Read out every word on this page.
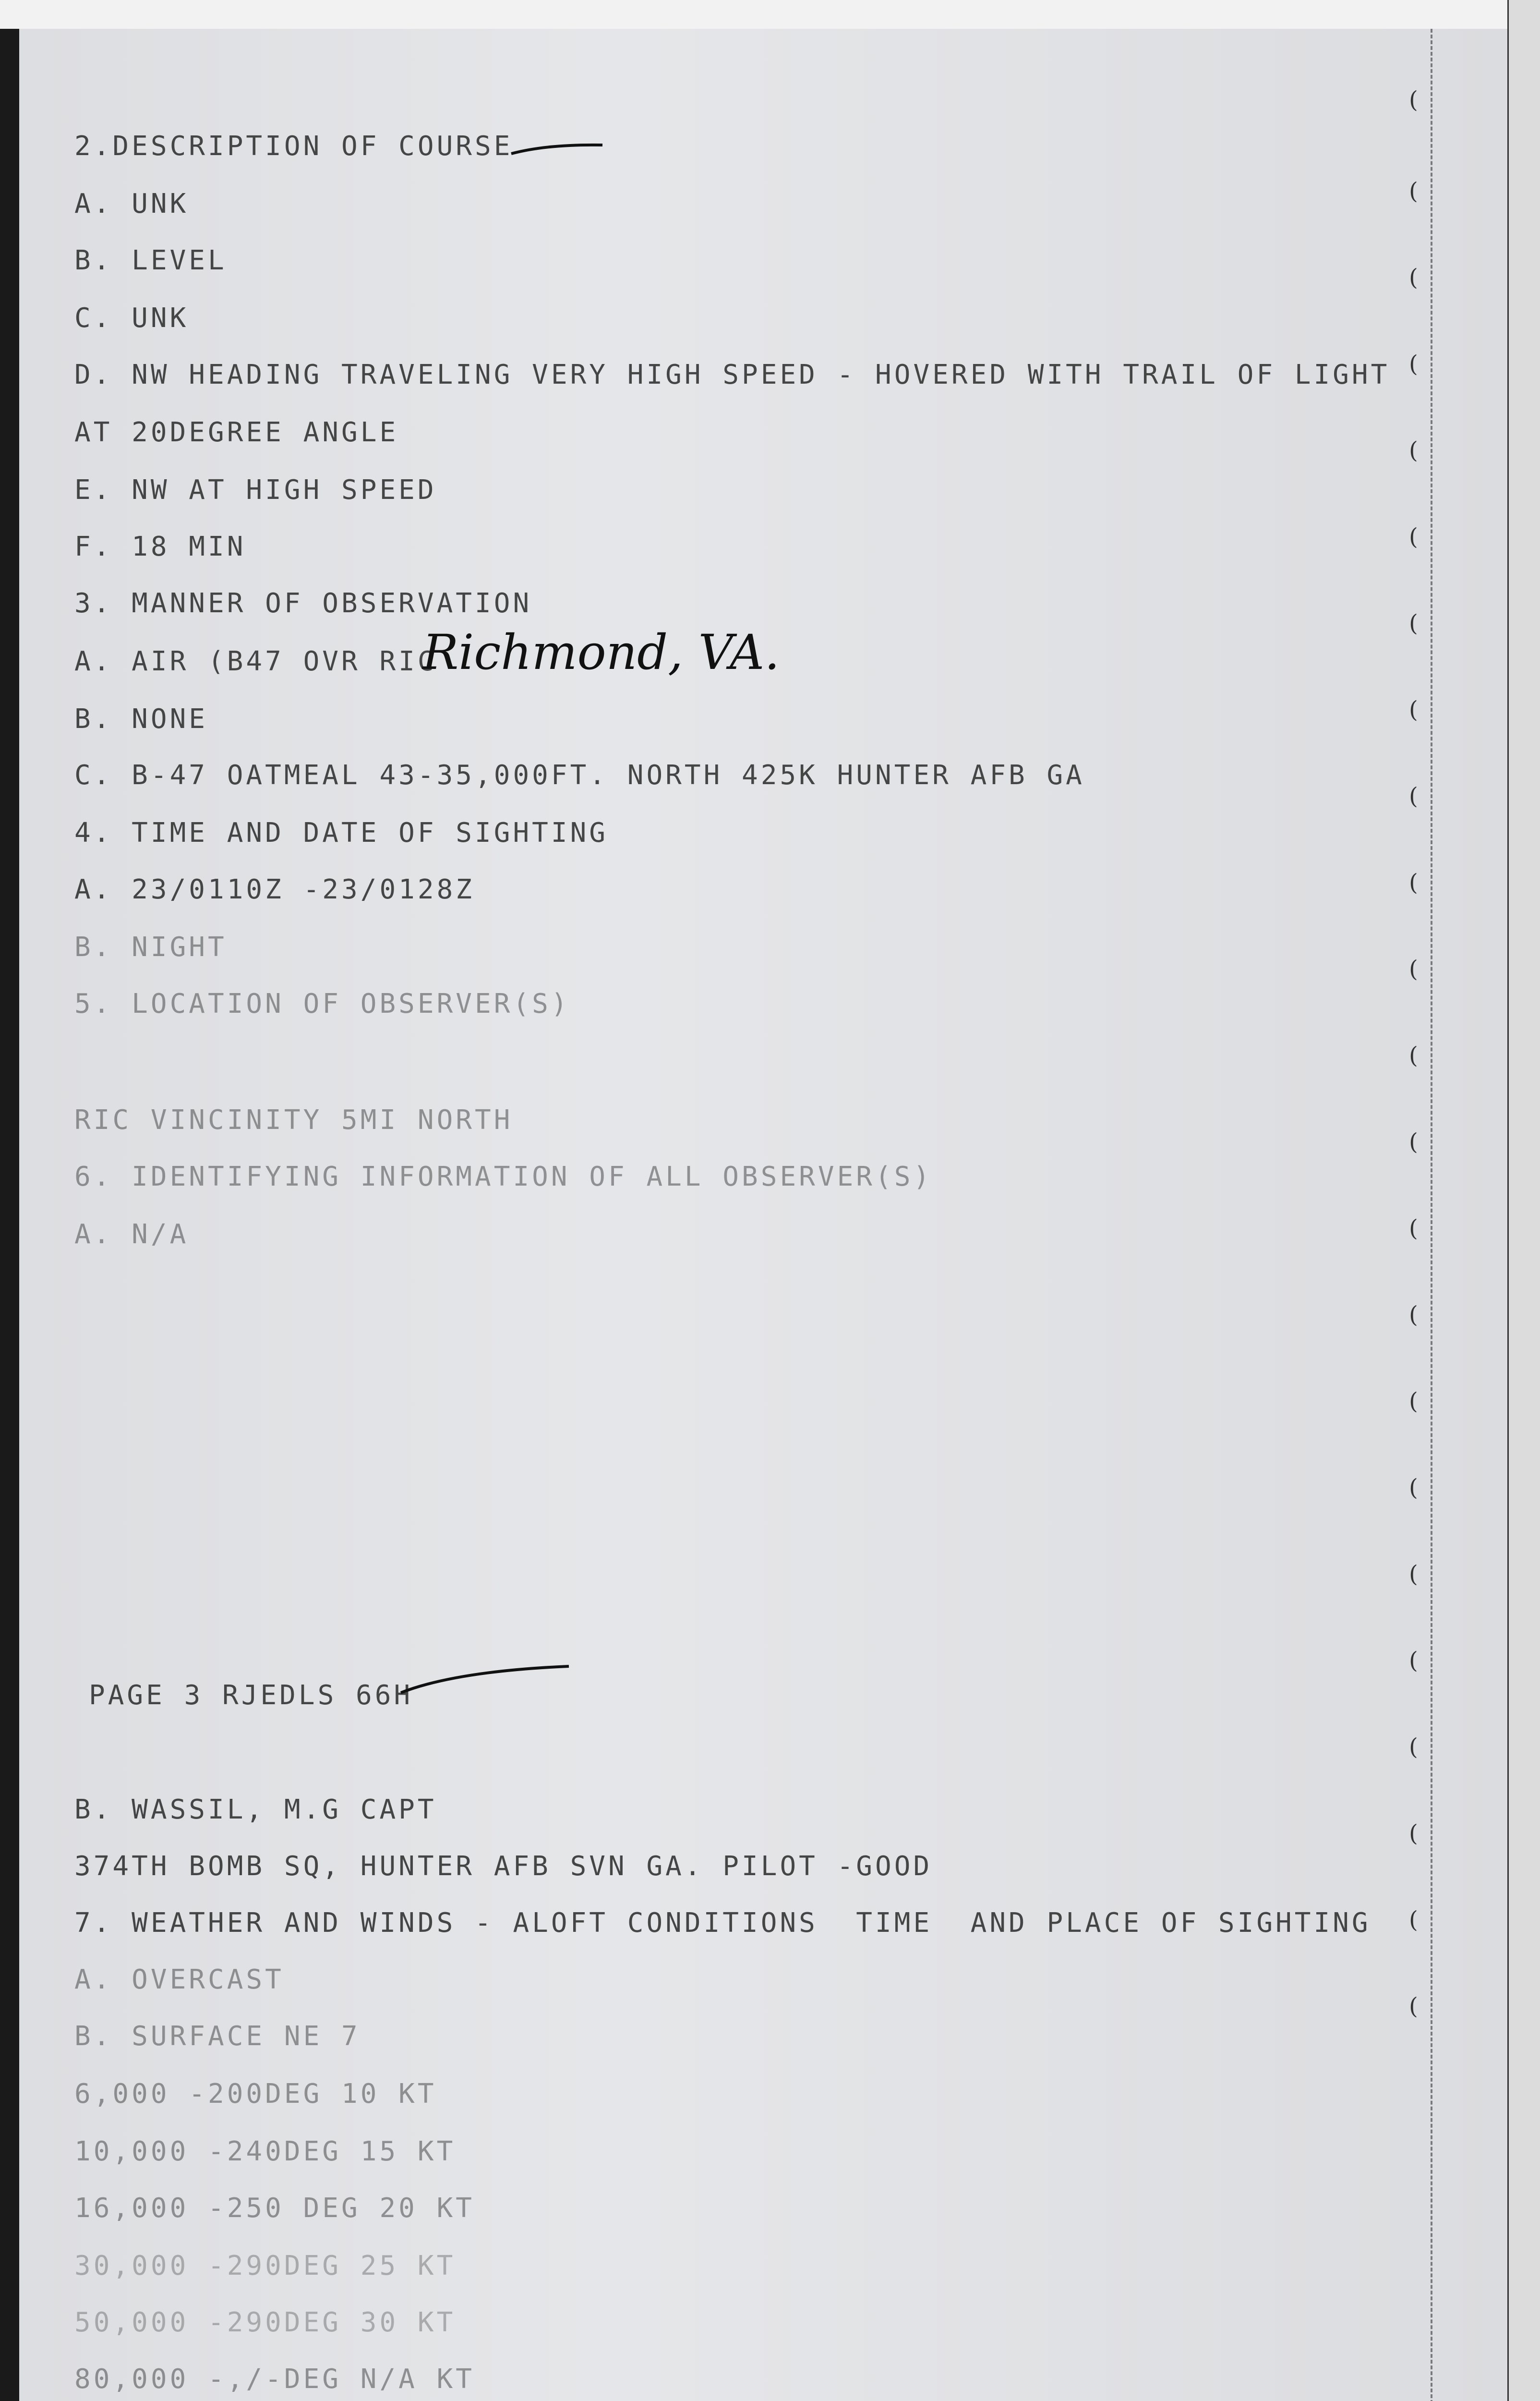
(
(
(
(
(
(
(
(
(
(
(
(
(
(
(
(
(
(
(
(
(
(
(
2.DESCRIPTION OF COURSE
A. UNK
B. LEVEL
C. UNK
D. NW HEADING TRAVELING VERY HIGH SPEED - HOVERED WITH TRAIL OF LIGHT
AT 20DEGREE ANGLE
E. NW AT HIGH SPEED
F. 18 MIN
3. MANNER OF OBSERVATION
A. AIR (B47 OVR RIC
Richmond, VA.
B. NONE
C. B-47 OATMEAL 43-35,000FT. NORTH 425K HUNTER AFB GA
4. TIME AND DATE OF SIGHTING
A. 23/0110Z -23/0128Z
B. NIGHT
5. LOCATION OF OBSERVER(S)
RIC VINCINITY 5MI NORTH
6. IDENTIFYING INFORMATION OF ALL OBSERVER(S)
A. N/A
PAGE 3 RJEDLS 66H
B. WASSIL, M.G CAPT
374TH BOMB SQ, HUNTER AFB SVN GA. PILOT -GOOD
7. WEATHER AND WINDS - ALOFT CONDITIONS  TIME  AND PLACE OF SIGHTING
A. OVERCAST
B. SURFACE NE 7
6,000 -200DEG 10 KT
10,000 -240DEG 15 KT
16,000 -250 DEG 20 KT
30,000 -290DEG 25 KT
50,000 -290DEG 30 KT
80,000 -,/-DEG N/A KT
